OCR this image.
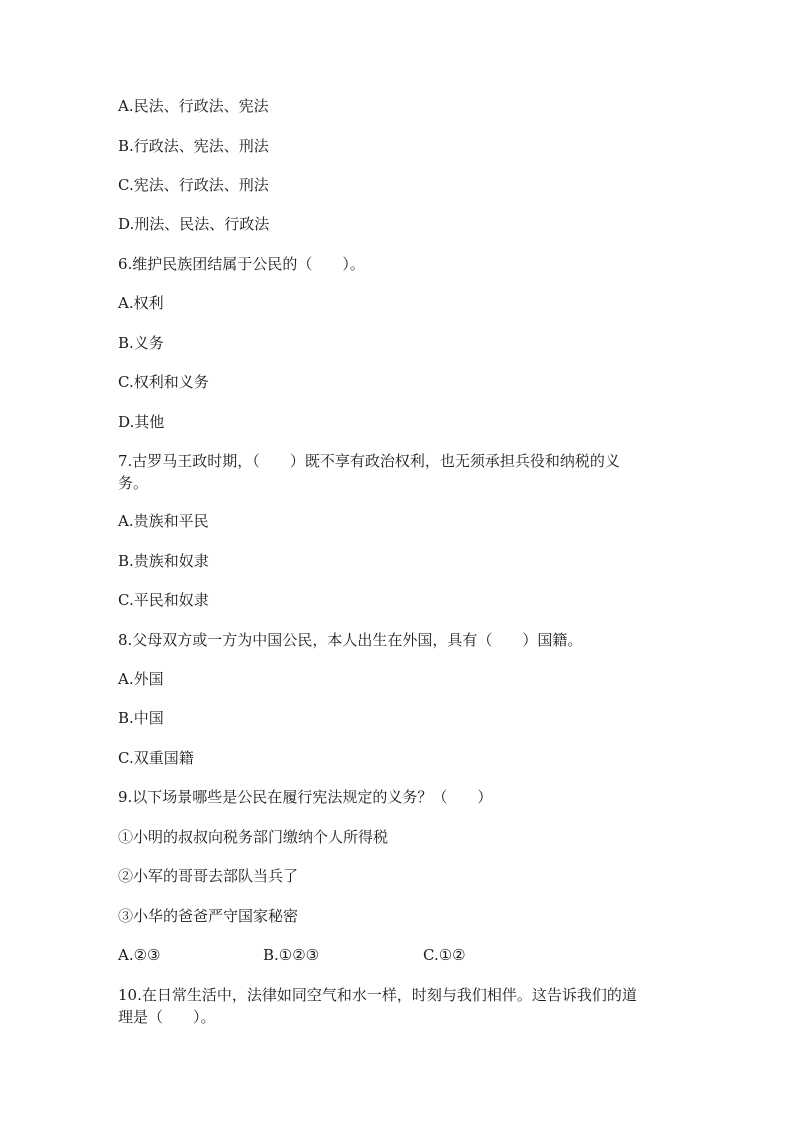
A.民法、行政法、宪法
B.行政法、宪法、刑法
C.宪法、行政法、刑法
D.刑法、民法、行政法
6.维护民族团结属于公民的（　　）。
A.权利
B.义务
C.权利和义务
D.其他
7.古罗马王政时期，（　　）既不享有政治权利，也无须承担兵役和纳税的义
务。
A.贵族和平民
B.贵族和奴隶
C.平民和奴隶
8.父母双方或一方为中国公民，本人出生在外国，具有（　　）国籍。
A.外国
B.中国
C.双重国籍
9.以下场景哪些是公民在履行宪法规定的义务？（　　）
①小明的叔叔向税务部门缴纳个人所得税
②小军的哥哥去部队当兵了
③小华的爸爸严守国家秘密
A.②③	B.①②③	C.①②
10.在日常生活中，法律如同空气和水一样，时刻与我们相伴。这告诉我们的道
理是（　　）。
